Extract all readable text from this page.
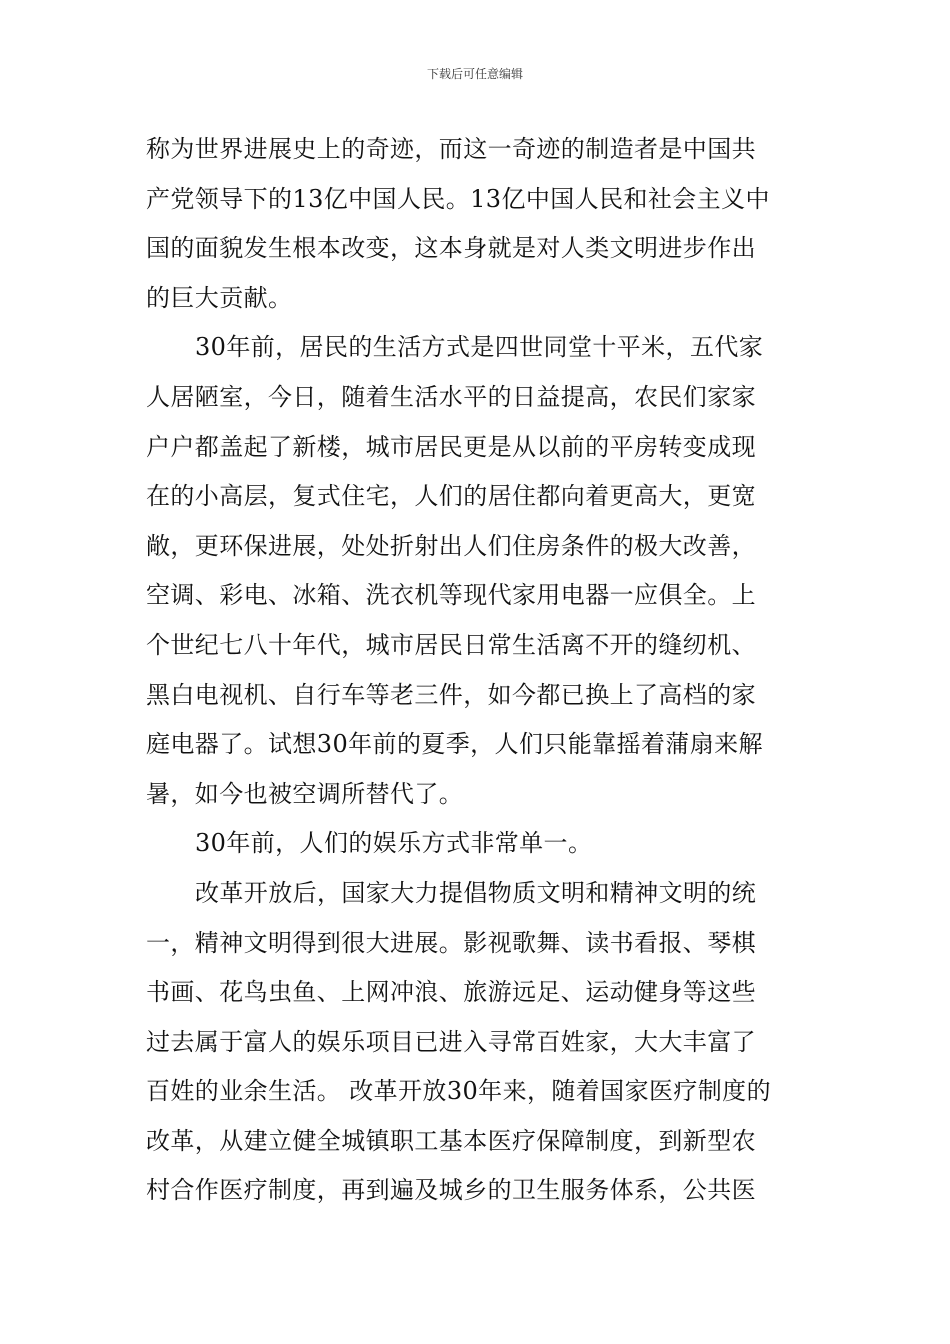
下载后可任意编辑
称为世界进展史上的奇迹，而这一奇迹的制造者是中国共
产党领导下的13亿中国人民。13亿中国人民和社会主义中
国的面貌发生根本改变，这本身就是对人类文明进步作出
的巨大贡献。
30年前，居民的生活方式是四世同堂十平米，五代家
人居陋室，今日，随着生活水平的日益提高，农民们家家
户户都盖起了新楼，城市居民更是从以前的平房转变成现
在的小高层，复式住宅，人们的居住都向着更高大，更宽
敞，更环保进展，处处折射出人们住房条件的极大改善，
空调、彩电、冰箱、洗衣机等现代家用电器一应俱全。上
个世纪七八十年代，城市居民日常生活离不开的缝纫机、
黑白电视机、自行车等老三件，如今都已换上了高档的家
庭电器了。试想30年前的夏季，人们只能靠摇着蒲扇来解
暑，如今也被空调所替代了。
30年前，人们的娱乐方式非常单一。
改革开放后，国家大力提倡物质文明和精神文明的统
一，精神文明得到很大进展。影视歌舞、读书看报、琴棋
书画、花鸟虫鱼、上网冲浪、旅游远足、运动健身等这些
过去属于富人的娱乐项目已进入寻常百姓家，大大丰富了
百姓的业余生活。 改革开放30年来，随着国家医疗制度的
改革，从建立健全城镇职工基本医疗保障制度，到新型农
村合作医疗制度，再到遍及城乡的卫生服务体系，公共医
